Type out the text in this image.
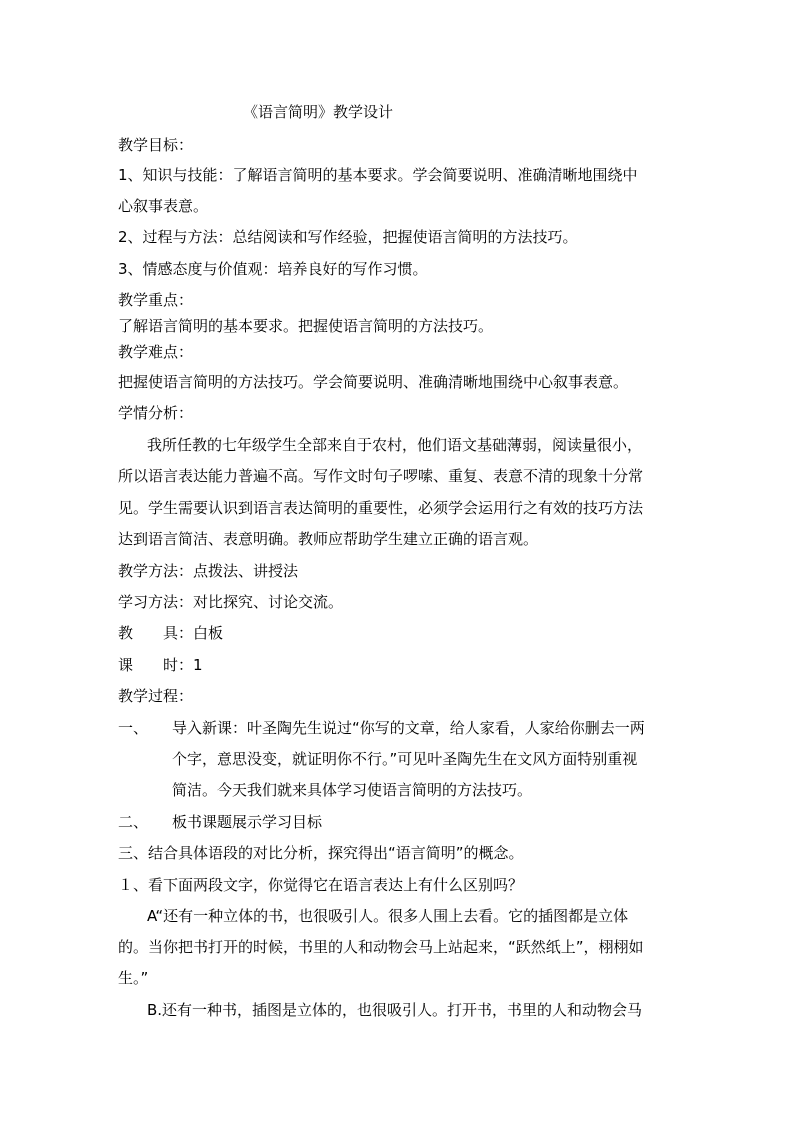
《语言简明》教学设计
教学目标：
1、知识与技能：了解语言简明的基本要求。学会简要说明、准确清晰地围绕中
心叙事表意。
2、过程与方法：总结阅读和写作经验，把握使语言简明的方法技巧。
3、情感态度与价值观：培养良好的写作习惯。
教学重点：
了解语言简明的基本要求。把握使语言简明的方法技巧。
教学难点：
把握使语言简明的方法技巧。学会简要说明、准确清晰地围绕中心叙事表意。
学情分析：
我所任教的七年级学生全部来自于农村，他们语文基础薄弱，阅读量很小，
所以语言表达能力普遍不高。写作文时句子啰嗦、重复、表意不清的现象十分常
见。学生需要认识到语言表达简明的重要性，必须学会运用行之有效的技巧方法
达到语言简洁、表意明确。教师应帮助学生建立正确的语言观。
教学方法：点拨法、讲授法
学习方法：对比探究、讨论交流。
教　　具：白板
课　　时：1
教学过程：
一、 导入新课：叶圣陶先生说过“你写的文章，给人家看，人家给你删去一两
个字，意思没变，就证明你不行。”可见叶圣陶先生在文风方面特别重视
简洁。今天我们就来具体学习使语言简明的方法技巧。
二、 板书课题展示学习目标
三、结合具体语段的对比分析，探究得出“语言简明”的概念。
１、看下面两段文字，你觉得它在语言表达上有什么区别吗？
A“还有一种立体的书，也很吸引人。很多人围上去看。它的插图都是立体
的。当你把书打开的时候，书里的人和动物会马上站起来，“跃然纸上”，栩栩如
生。”
B.还有一种书，插图是立体的，也很吸引人。打开书，书里的人和动物会马
